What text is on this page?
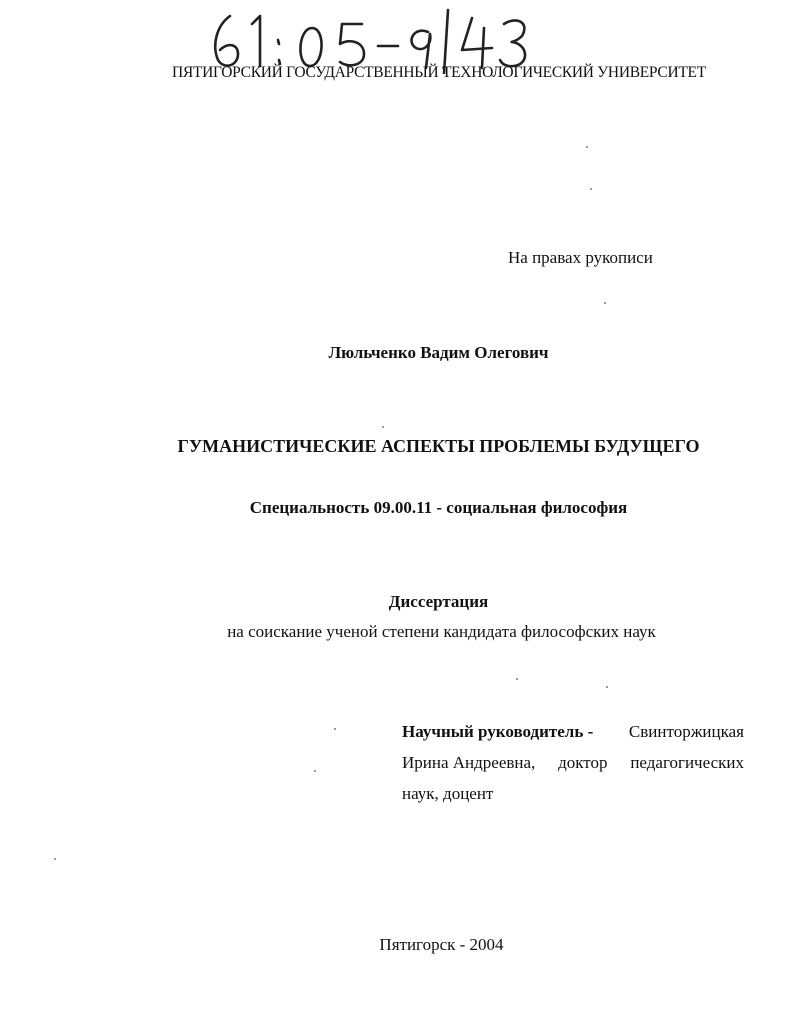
ПЯТИГОРСКИЙ ГОСУДАРСТВЕННЫЙ ТЕХНОЛОГИЧЕСКИЙ УНИВЕРСИТЕТ
На правах рукописи
Люльченко Вадим Олегович
ГУМАНИСТИЧЕСКИЕ АСПЕКТЫ ПРОБЛЕМЫ БУДУЩЕГО
Специальность 09.00.11 - социальная философия
Диссертация
на соискание ученой степени кандидата философских наук
Научный руководитель - Свинторжицкая
Ирина Андреевна, доктор педагогических
наук, доцент
Пятигорск - 2004
